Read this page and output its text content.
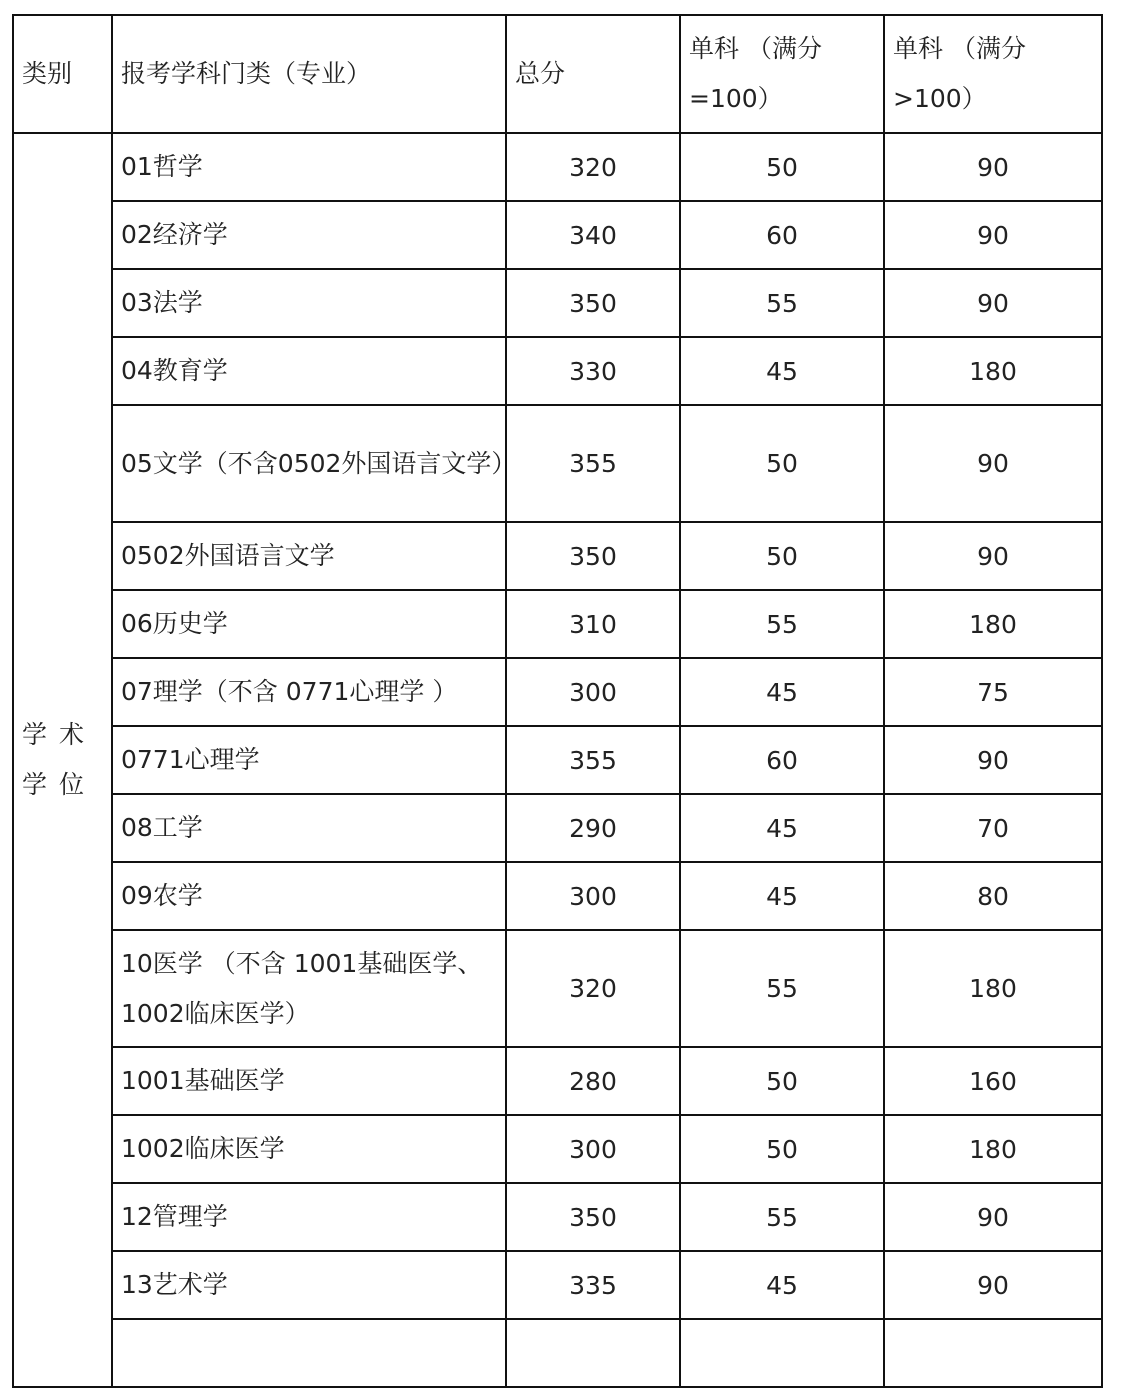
类别	报考学科门类（专业）	总分	单科 （满分=100）	单科 （满分>100）
学 术 学 位	01哲学	320	50	90
	02经济学	340	60	90
	03法学	350	55	90
	04教育学	330	45	180
	05文学（不含0502外国语言文学）	355	50	90
	0502外国语言文学	350	50	90
	06历史学	310	55	180
	07理学（不含 0771心理学 ）	300	45	75
	0771心理学	355	60	90
	08工学	290	45	70
	09农学	300	45	80
	10医学 （不含 1001基础医学、1002临床医学）	320	55	180
	1001基础医学	280	50	160
	1002临床医学	300	50	180
	12管理学	350	55	90
	13艺术学	335	45	90
